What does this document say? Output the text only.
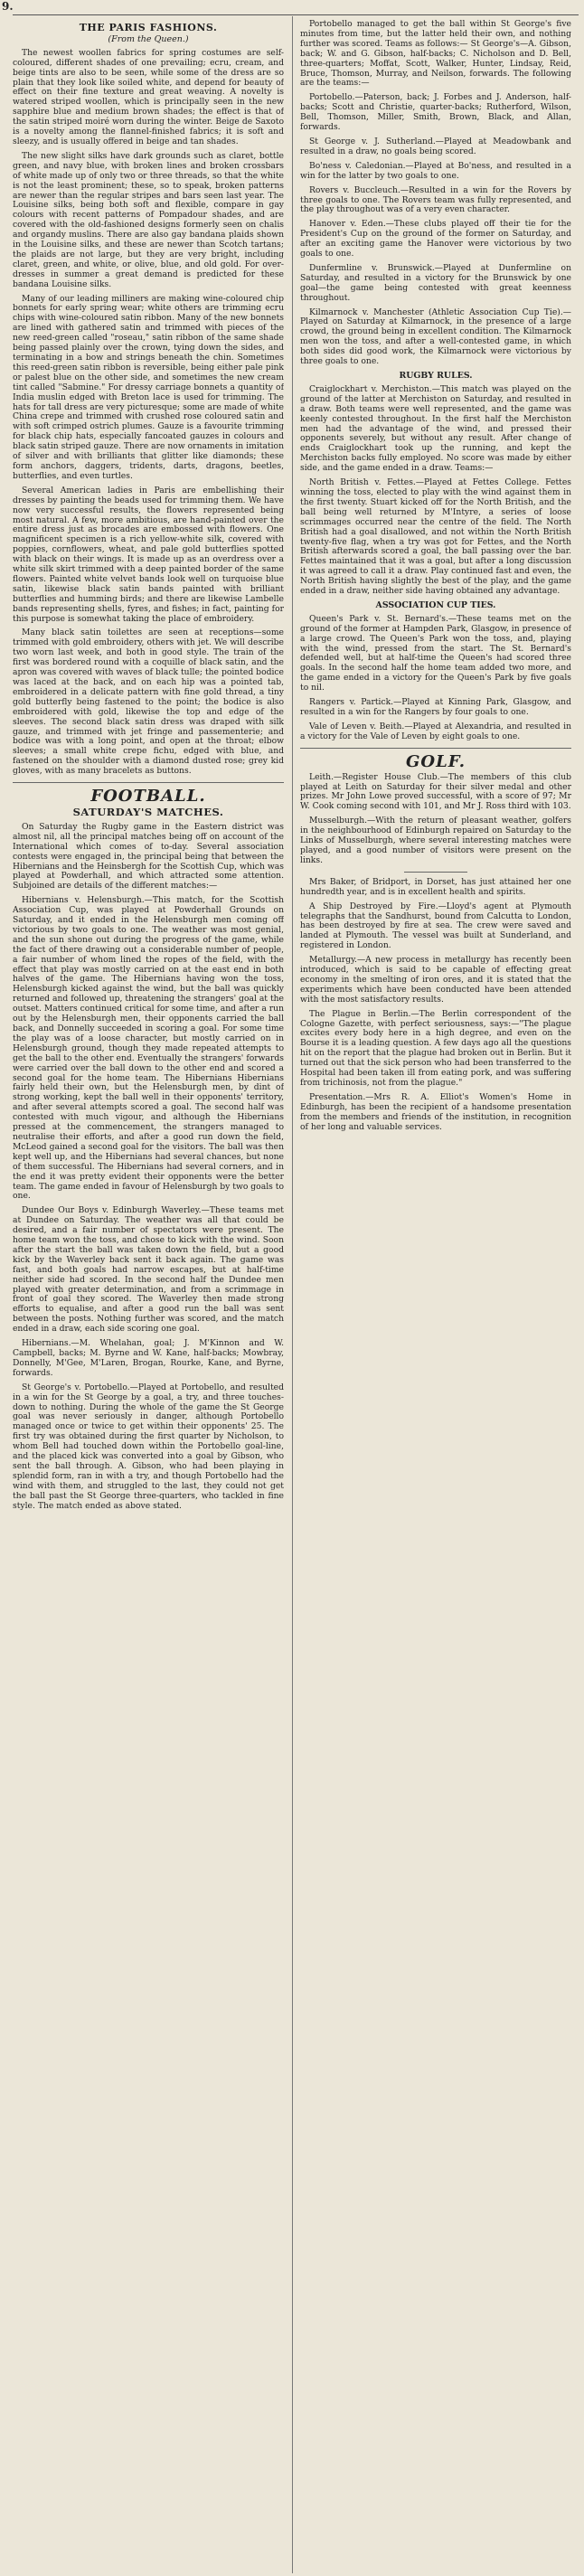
9.
THE PARIS FASHIONS.
(From the Queen.)

The newest woollen fabrics for spring costumes are self-coloured, different shades of one prevailing; ecru, cream, and beige tints are also to be seen, while some of the dress are so plain that they look like soiled white, and depend for beauty of effect on their fine texture and great weaving. A novelty is watered striped woollen, which is principally seen in the new sapphire blue and medium brown shades; the effect is that of the satin striped moiré worn during the winter. Beige de Saxoto is a novelty among the flannel-finished fabrics; it is soft and sleezy, and is usually offered in beige and tan shades.

The new slight silks have dark grounds such as claret, bottle green, and navy blue, with broken lines and broken crossbars of white made up of only two or three threads, so that the white is not the least prominent; these, so to speak, broken patterns are newer than the regular stripes and bars seen last year. The Louisine silks, being both soft and flexible, compare in gay colours with recent patterns of Pompadour shades, and are covered with the old-fashioned designs formerly seen on chalis and organdy muslins. There are also gay bandana plaids shown in the Louisine silks, and these are newer than Scotch tartans; the plaids are not large, but they are very bright, including claret, green, and white, or olive, blue, and old gold. For over-dresses in summer a great demand is predicted for these bandana Louisine silks.

Many of our leading milliners are making wine-coloured chip bonnets for early spring wear; white others are trimming ecru chips with wine-coloured satin ribbon. Many of the new bonnets are lined with gathered satin and trimmed with pieces of the new reed-green called "roseau," satin ribbon of the same shade being passed plainly over the crown, tying down the sides, and terminating in a bow and strings beneath the chin. Sometimes this reed-green satin ribbon is reversible, being either pale pink or palest blue on the other side, and sometimes the new cream tint called "Sabmine." For dressy carriage bonnets a quantity of India muslin edged with Breton lace is used for trimming. The hats for tall dress are very picturesque; some are made of white China crepe and trimmed with crushed rose coloured satin and with soft crimped ostrich plumes. Gauze is a favourite trimming for black chip hats, especially fancoated gauzes in colours and black satin striped gauze. There are now ornaments in imitation of silver and with brilliants that glitter like diamonds; these form anchors, daggers, tridents, darts, dragons, beetles, butterflies, and even turtles.

Several American ladies in Paris are embellishing their dresses by painting the beads used for trimming them. We have now very successful results, the flowers represented being most natural. A few, more ambitious, are hand-painted over the entire dress just as brocades are embossed with flowers. One magnificent specimen is a rich yellow-white silk, covered with poppies, cornflowers, wheat, and pale gold butterflies spotted with black on their wings. It is made up as an overdress over a white silk skirt trimmed with a deep painted border of the same flowers. Painted white velvet bands look well on turquoise blue satin, likewise black satin bands painted with brilliant butterflies and humming birds; and there are likewise Lambelle bands representing shells, fyres, and fishes; in fact, painting for this purpose is somewhat taking the place of embroidery.

Many black satin toilettes are seen at receptions—some trimmed with gold embroidery, others with jet. We will describe two worn last week, and both in good style. The train of the first was bordered round with a coquille of black satin, and the apron was covered with waves of black tulle; the pointed bodice was laced at the back, and on each hip was a pointed tab, embroidered in a delicate pattern with fine gold thread, a tiny gold butterfly being fastened to the point; the bodice is also embroidered with gold, likewise the top and edge of the sleeves. The second black satin dress was draped with silk gauze, and trimmed with jet fringe and passementerie; and bodice was with a long point, and open at the throat; elbow sleeves; a small white crepe fichu, edged with blue, and fastened on the shoulder with a diamond dusted rose; grey kid gloves, with as many bracelets as buttons.

FOOTBALL.
SATURDAY'S MATCHES.

On Saturday the Rugby game in the Eastern district was almost nil, all the principal matches being off on account of the International which comes of to-day. Several association contests were engaged in, the principal being that between the Hibernians and the Heinsbergh for the Scottish Cup, which was played at Powderhall, and which attracted some attention. Subjoined are details of the different matches:—

Hibernians v. Helensburgh.—This match, for the Scottish Association Cup, was played at Powderhall Grounds on Saturday, and it ended in the Helensburgh men coming off victorious by two goals to one. The weather was most genial, and the sun shone out during the progress of the game, while the fact of there drawing out a considerable number of people, a fair number of whom lined the ropes of the field, with the effect that play was mostly carried on at the east end in both halves of the game. The Hibernians having won the toss, Helensburgh kicked against the wind, but the ball was quickly returned and followed up, threatening the strangers' goal at the outset. Matters continued critical for some time, and after a run out by the Helensburgh men, their opponents carried the ball back, and Donnelly succeeded in scoring a goal. For some time the play was of a loose character, but mostly carried on in Helensburgh ground, though they made repeated attempts to get the ball to the other end. Eventually the strangers' forwards were carried over the ball down to the other end and scored a second goal for the home team. The Hibernians Hibernians fairly held their own, but the Helensburgh men, by dint of strong working, kept the ball well in their opponents' territory, and after several attempts scored a goal. The second half was contested with much vigour, and although the Hibernians pressed at the commencement, the strangers managed to neutralise their efforts, and after a good run down the field, McLeod gained a second goal for the visitors. The ball was then kept well up, and the Hibernians had several chances, but none of them successful. The Hibernians had several corners, and in the end it was pretty evident their opponents were the better team. The game ended in favour of Helensburgh by two goals to one.

Dundee Our Boys v. Edinburgh Waverley.—These teams met at Dundee on Saturday. The weather was all that could be desired, and a fair number of spectators were present. The home team won the toss, and chose to kick with the wind. Soon after the start the ball was taken down the field, but a good kick by the Waverley back sent it back again. The game was fast, and both goals had narrow escapes, but at half-time neither side had scored. In the second half the Dundee men played with greater determination, and from a scrimmage in front of goal they scored. The Waverley then made strong efforts to equalise, and after a good run the ball was sent between the posts. Nothing further was scored, and the match ended in a draw, each side scoring one goal.

Hibernians.—M. Whelahan, goal; J. M'Kinnon and W. Campbell, backs; M. Byrne and W. Kane, half-backs; Mowbray, Donnelly, M'Gee, M'Laren, Brogan, Rourke, Kane, and Byrne, forwards.

St George's v. Portobello.—Played at Portobello, and resulted in a win for the St George by a goal, a try, and three touches-down to nothing. During the whole of the game the St George goal was never seriously in danger, although Portobello managed once or twice to get within their opponents' 25. The first try was obtained during the first quarter by Nicholson, to whom Bell had touched down within the Portobello goal-line, and the placed kick was converted into a goal by Gibson, who sent the ball through. A. Gibson, who had been playing in splendid form, ran in with a try, and though Portobello had the wind with them, and struggled to the last, they could not get the ball past the St George three-quarters, who tackled in fine style. The match ended as above stated.

Portobello managed to get the ball within St George's five minutes from time, but the latter held their own, and nothing further was scored. Teams as follows:— St George's—A. Gibson, back; W. and G. Gibson, half-backs; C. Nicholson and D. Bell, three-quarters; Moffat, Scott, Walker, Hunter, Lindsay, Reid, Bruce, Thomson, Murray, and Neilson, forwards. The following are the teams:—

Portobello.—Paterson, back; J. Forbes and J. Anderson, half-backs; Scott and Christie, quarter-backs; Rutherford, Wilson, Bell, Thomson, Miller, Smith, Brown, Black, and Allan, forwards.

St George v. J. Sutherland.—Played at Meadowbank and resulted in a draw, no goals being scored.

Bo'ness v. Caledonian.—Played at Bo'ness, and resulted in a win for the latter by two goals to one.

Rovers v. Buccleuch.—Resulted in a win for the Rovers by three goals to one. The Rovers team was fully represented, and the play throughout was of a very even character.

Hanover v. Eden.—These clubs played off their tie for the President's Cup on the ground of the former on Saturday, and after an exciting game the Hanover were victorious by two goals to one.

Dunfermline v. Brunswick.—Played at Dunfermline on Saturday, and resulted in a victory for the Brunswick by one goal—the game being contested with great keenness throughout.

Kilmarnock v. Manchester (Athletic Association Cup Tie).—Played on Saturday at Kilmarnock, in the presence of a large crowd, the ground being in excellent condition. The Kilmarnock men won the toss, and after a well-contested game, in which both sides did good work, the Kilmarnock were victorious by three goals to one.

RUGBY RULES.

Craiglockhart v. Merchiston.—This match was played on the ground of the latter at Merchiston on Saturday, and resulted in a draw. Both teams were well represented, and the game was keenly contested throughout. In the first half the Merchiston men had the advantage of the wind, and pressed their opponents severely, but without any result. After change of ends Craiglockhart took up the running, and kept the Merchiston backs fully employed. No score was made by either side, and the game ended in a draw. Teams:—

North British v. Fettes.—Played at Fettes College. Fettes winning the toss, elected to play with the wind against them in the first twenty. Stuart kicked off for the North British, and the ball being well returned by M'Intyre, a series of loose scrimmages occurred near the centre of the field. The North British had a goal disallowed, and not within the North British twenty-five flag, when a try was got for Fettes, and the North British afterwards scored a goal, the ball passing over the bar. Fettes maintained that it was a goal, but after a long discussion it was agreed to call it a draw. Play continued fast and even, the North British having slightly the best of the play, and the game ended in a draw, neither side having obtained any advantage.

ASSOCIATION CUP TIES.

Queen's Park v. St. Bernard's.—These teams met on the ground of the former at Hampden Park, Glasgow, in presence of a large crowd. The Queen's Park won the toss, and, playing with the wind, pressed from the start. The St. Bernard's defended well, but at half-time the Queen's had scored three goals. In the second half the home team added two more, and the game ended in a victory for the Queen's Park by five goals to nil.

Rangers v. Partick.—Played at Kinning Park, Glasgow, and resulted in a win for the Rangers by four goals to one.

Vale of Leven v. Beith.—Played at Alexandria, and resulted in a victory for the Vale of Leven by eight goals to one.

GOLF.

Leith.—Register House Club.—The members of this club played at Leith on Saturday for their silver medal and other prizes. Mr John Lowe proved successful, with a score of 97; Mr W. Cook coming second with 101, and Mr J. Ross third with 103.

Musselburgh.—With the return of pleasant weather, golfers in the neighbourhood of Edinburgh repaired on Saturday to the Links of Musselburgh, where several interesting matches were played, and a good number of visitors were present on the links.

Mrs Baker, of Bridport, in Dorset, has just attained her one hundredth year, and is in excellent health and spirits.

A Ship Destroyed by Fire.—Lloyd's agent at Plymouth telegraphs that the Sandhurst, bound from Calcutta to London, has been destroyed by fire at sea. The crew were saved and landed at Plymouth. The vessel was built at Sunderland, and registered in London.

Metallurgy.—A new process in metallurgy has recently been introduced, which is said to be capable of effecting great economy in the smelting of iron ores, and it is stated that the experiments which have been conducted have been attended with the most satisfactory results.

The Plague in Berlin.—The Berlin correspondent of the Cologne Gazette, with perfect seriousness, says:—"The plague excites every body here in a high degree, and even on the Bourse it is a leading question. A few days ago all the questions hit on the report that the plague had broken out in Berlin. But it turned out that the sick person who had been transferred to the Hospital had been taken ill from eating pork, and was suffering from trichinosis, not from the plague."

Presentation.—Mrs R. A. Elliot's Women's Home in Edinburgh, has been the recipient of a handsome presentation from the members and friends of the institution, in recognition of her long and valuable services.
